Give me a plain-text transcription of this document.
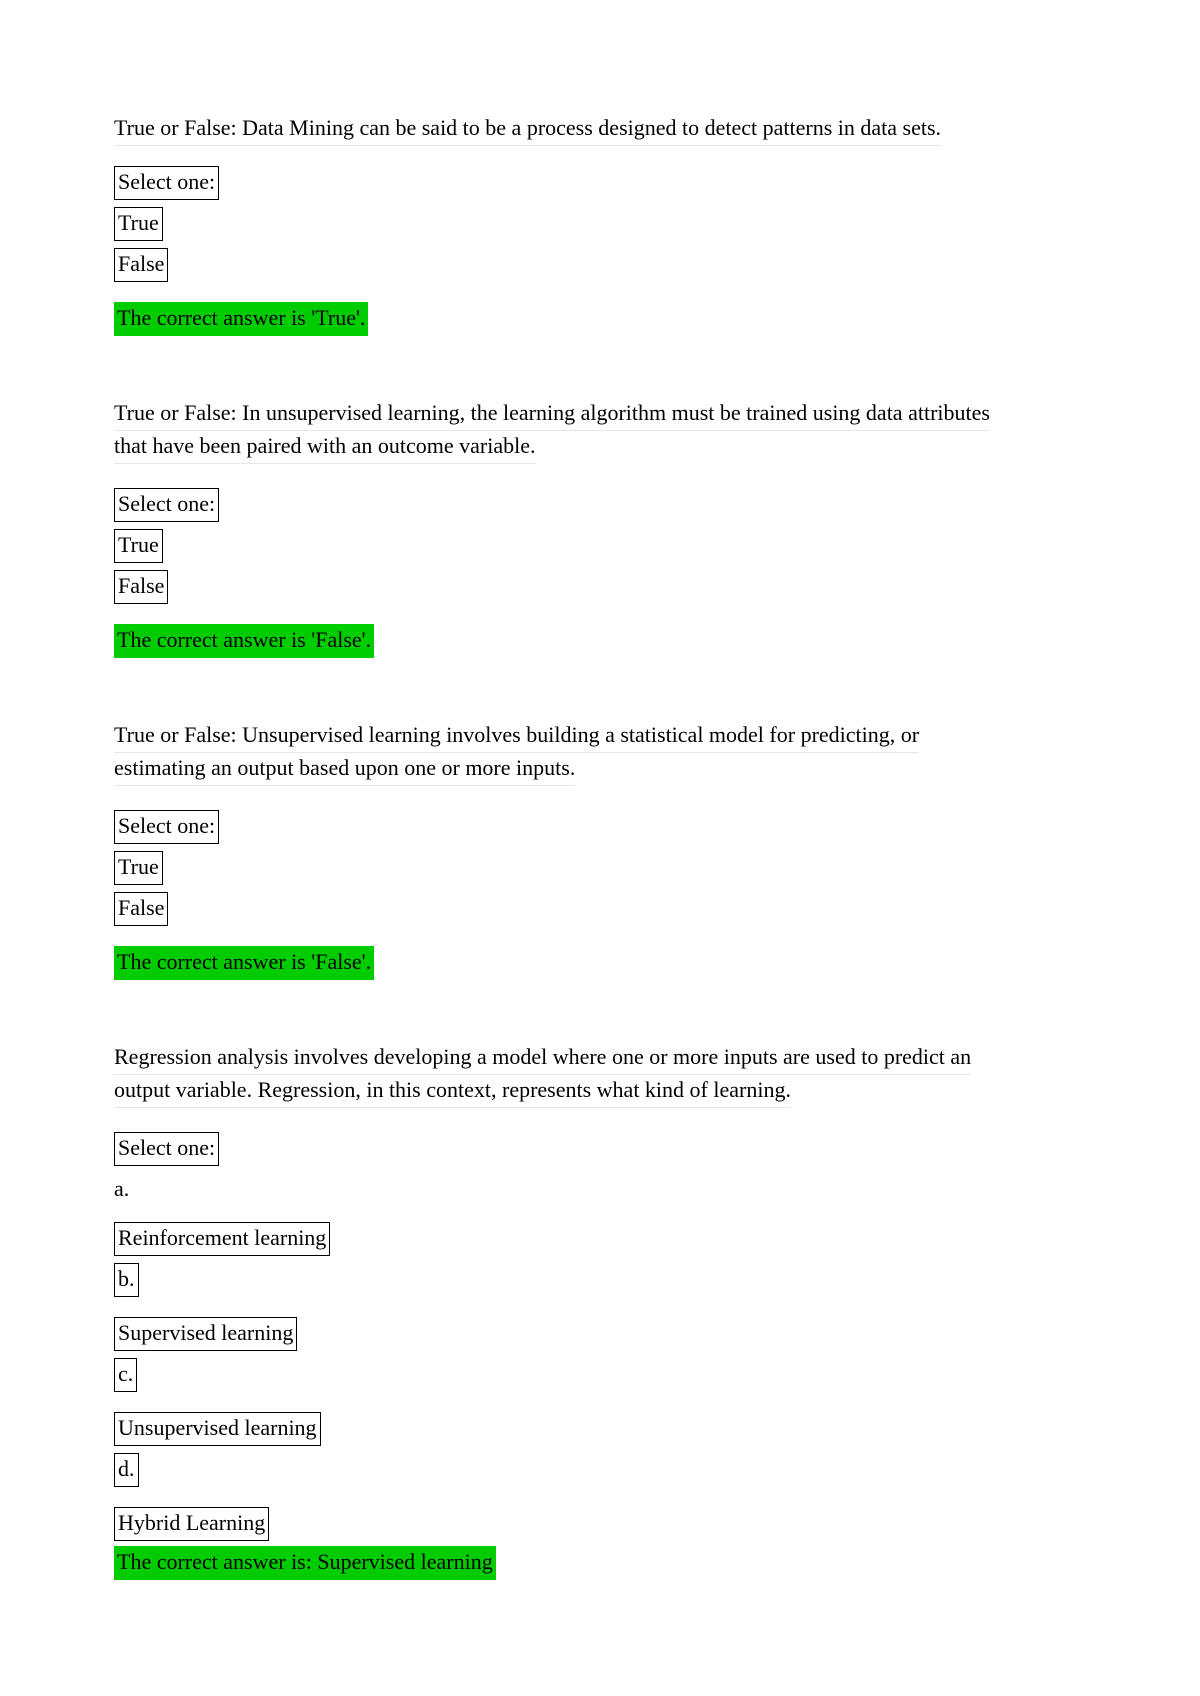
True or False: Data Mining can be said to be a process designed to detect patterns in data sets.
Select one:
True
False
The correct answer is 'True'.
True or False: In unsupervised learning, the learning algorithm must be trained using data attributes
that have been paired with an outcome variable.
Select one:
True
False
The correct answer is 'False'.
True or False: Unsupervised learning involves building a statistical model for predicting, or
estimating an output based upon one or more inputs.
Select one:
True
False
The correct answer is 'False'.
Regression analysis involves developing a model where one or more inputs are used to predict an
output variable. Regression, in this context, represents what kind of learning.
Select one:
a.
Reinforcement learning
b.
Supervised learning
c.
Unsupervised learning
d.
Hybrid Learning
The correct answer is: Supervised learning
